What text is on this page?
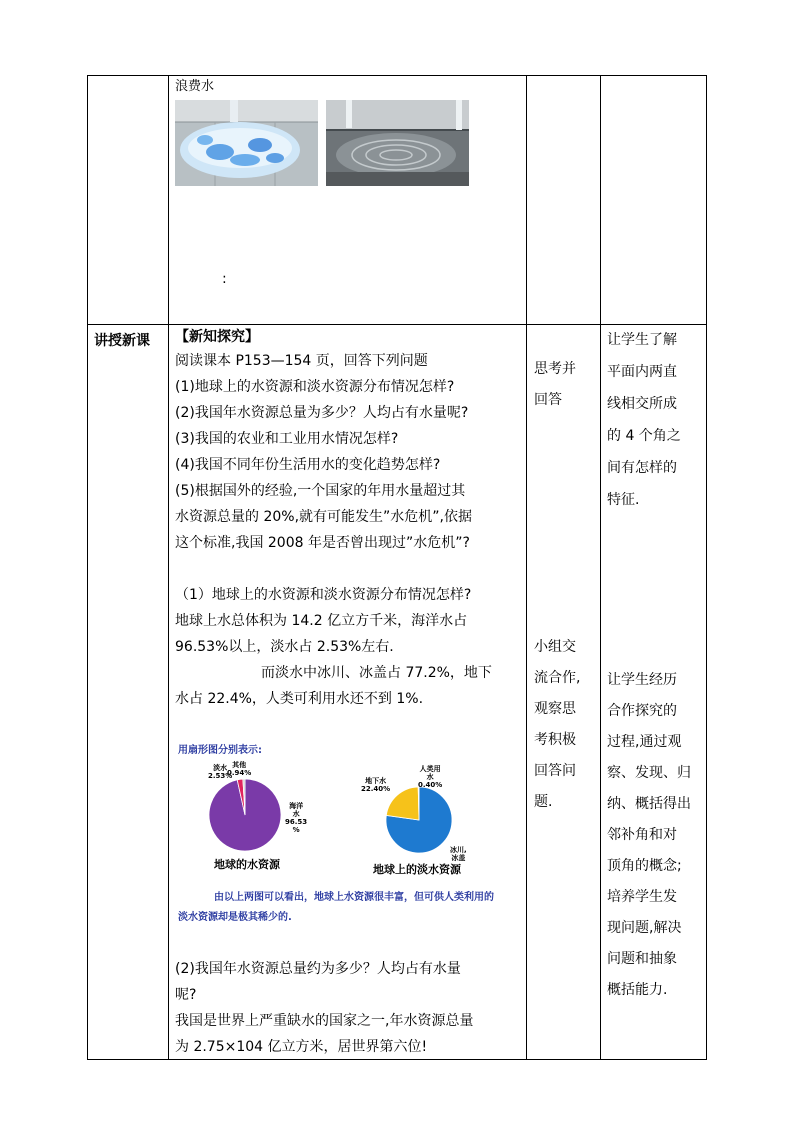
浪费水
:
讲授新课 【新知探究】
阅读课本 P153—154 页，回答下列问题
(1)地球上的水资源和淡水资源分布情况怎样?
(2)我国年水资源总量为多少？人均占有水量呢?
(3)我国的农业和工业用水情况怎样?
(4)我国不同年份生活用水的变化趋势怎样?
(5)根据国外的经验,一个国家的年用水量超过其
水资源总量的 20%,就有可能发生”水危机”,依据
这个标准,我国 2008 年是否曾出现过”水危机”?
（1）地球上的水资源和淡水资源分布情况怎样?
地球上水总体积为 14.2 亿立方千米，海洋水占
96.53%以上，淡水占 2.53%左右.
而淡水中冰川、冰盖占 77.2%，地下
水占 22.4%，人类可利用水还不到 1%.
用扇形图分别表示:
淡水
2.53%
其他
0.94%
海洋
水
96.53
%
地球的水资源
地下水
22.40%
人类用
水
0.40%
冰川,
冰盖
地球上的淡水资源
由以上两图可以看出，地球上水资源很丰富，但可供人类利用的
淡水资源却是极其稀少的.
(2)我国年水资源总量约为多少？人均占有水量
呢?
我国是世界上严重缺水的国家之一,年水资源总量
为 2.75×104 亿立方米，居世界第六位!
思考并
回答
小组交
流合作,
观察思
考积极
回答问
题.
让学生了解
平面内两直
线相交所成
的 4 个角之
间有怎样的
特征.
让学生经历
合作探究的
过程,通过观
察、发现、归
纳、概括得出
邻补角和对
顶角的概念;
培养学生发
现问题,解决
问题和抽象
概括能力.
